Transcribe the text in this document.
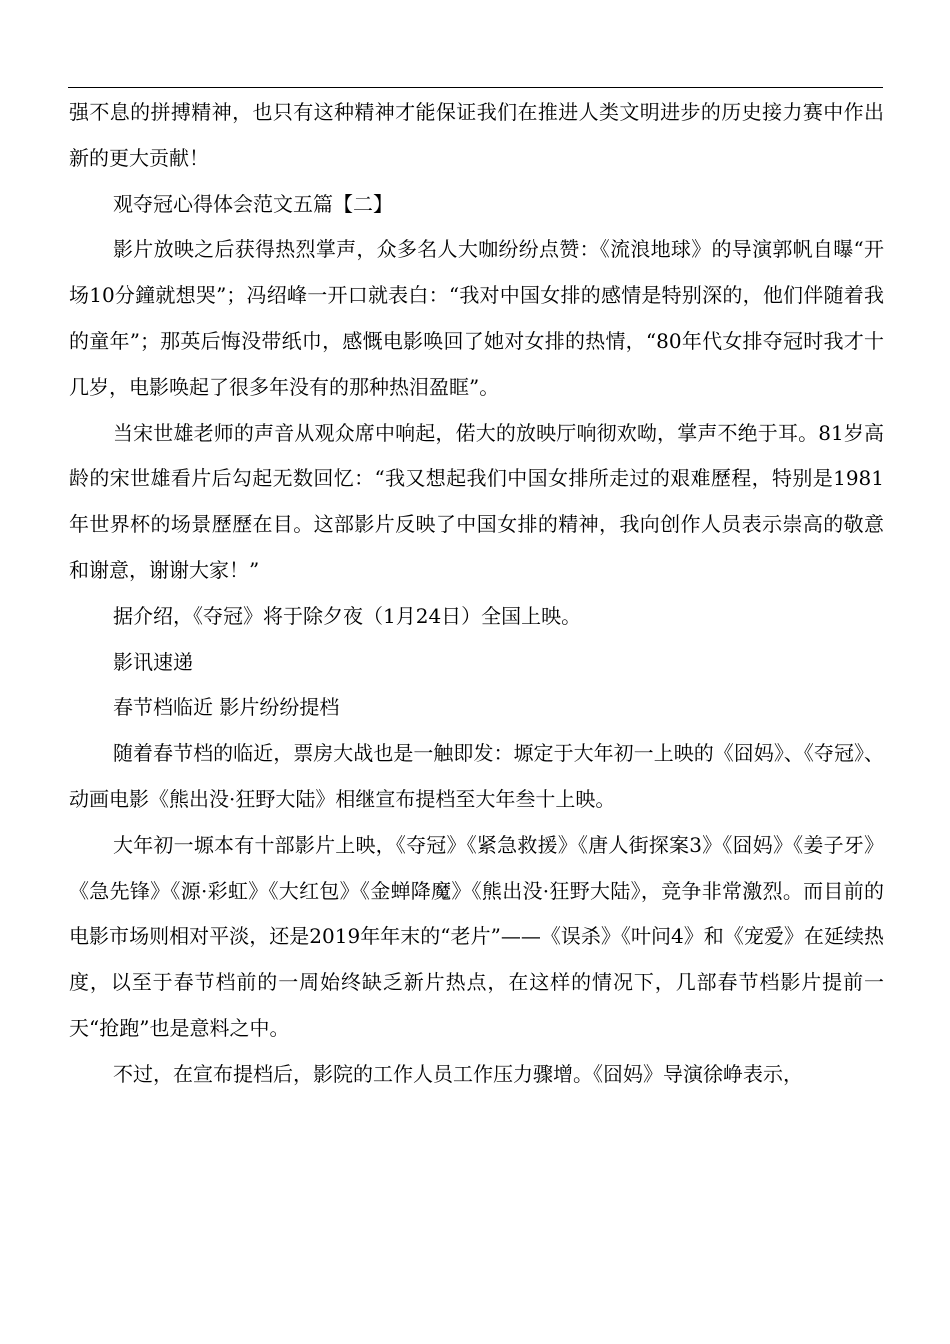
强不息的拼搏精神，也只有这种精神才能保证我们在推进人类文明进步的历史接力赛中作出新的更大贡献！

观夺冠心得体会范文五篇【二】

影片放映之后获得热烈掌声，众多名人大咖纷纷点赞：《流浪地球》的导演郭帆自曝“开场10分鐘就想哭”；冯绍峰一开口就表白：“我对中国女排的感情是特别深的，他们伴随着我的童年”；那英后悔没带纸巾，感慨电影唤回了她对女排的热情，“80年代女排夺冠时我才十几岁，电影唤起了很多年没有的那种热泪盈眶”。

当宋世雄老师的声音从观众席中响起，偌大的放映厅响彻欢呦，掌声不绝于耳。81岁高龄的宋世雄看片后勾起无数回忆：“我又想起我们中国女排所走过的艰难歷程，特别是1981年世界杯的场景歷歷在目。这部影片反映了中国女排的精神，我向创作人员表示崇高的敬意和谢意，谢谢大家！”

据介绍，《夺冠》将于除夕夜（1月24日）全国上映。

影讯速递

春节档临近 影片纷纷提档

随着春节档的临近，票房大战也是一触即发：塬定于大年初一上映的《囧妈》、《夺冠》、动画电影《熊出没·狂野大陆》相继宣布提档至大年叁十上映。

大年初一塬本有十部影片上映，《夺冠》《紧急救援》《唐人街探案3》《囧妈》《姜子牙》《急先锋》《源·彩虹》《大红包》《金蝉降魔》《熊出没·狂野大陆》，竞争非常激烈。而目前的电影市场则相对平淡，还是2019年年末的“老片”——《误杀》《叶问4》和《宠爱》在延续热度，以至于春节档前的一周始终缺乏新片热点，在这样的情况下，几部春节档影片提前一天“抢跑”也是意料之中。

不过，在宣布提档后，影院的工作人员工作压力骤增。《囧妈》导演徐峥表示，
